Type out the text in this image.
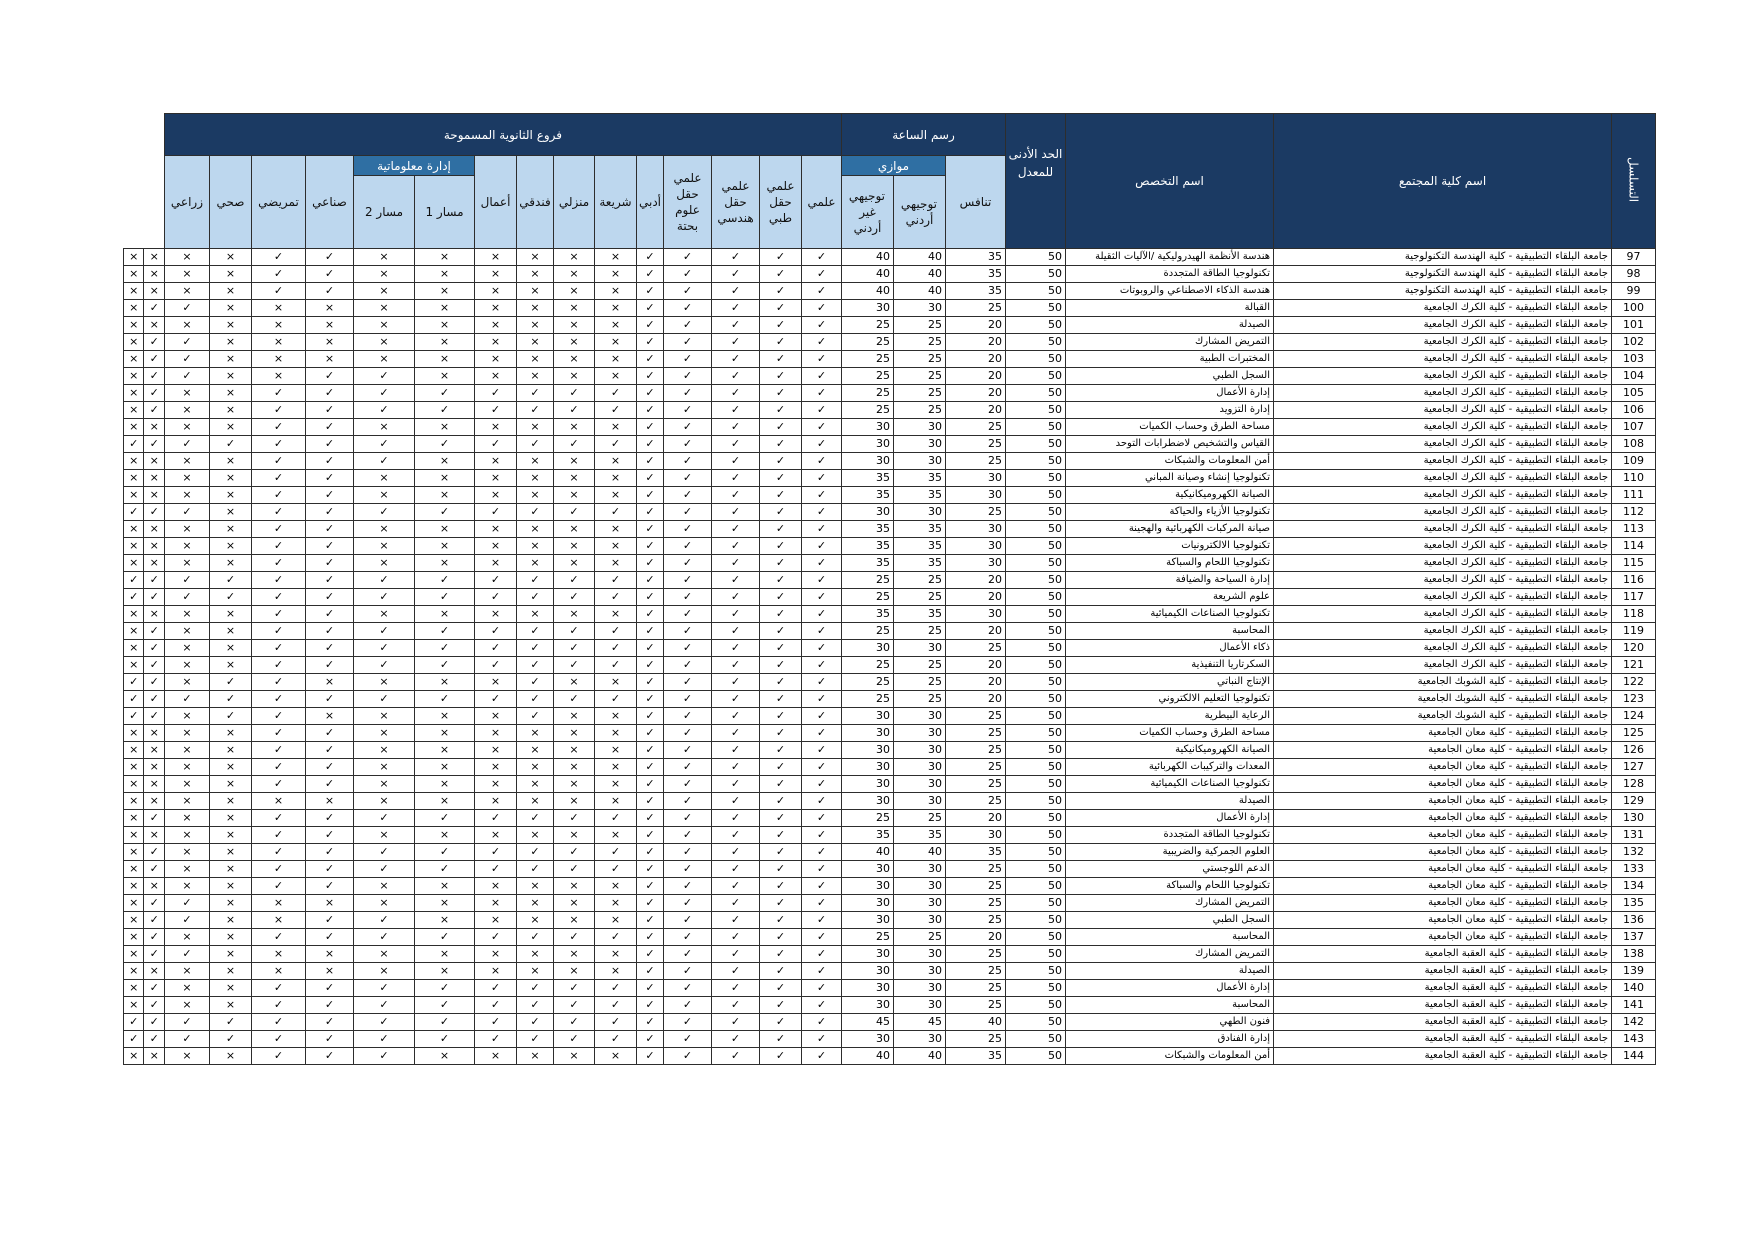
التسلسل	اسم كلية المجتمع	اسم التخصص	الحد الأدنى للمعدل	رسم الساعة			فروع الثانوية المسموحة																
				تنافس	موازي		علمي	علمي حقل طبي	علمي حقل هندسي	علمي حقل علوم بحتة	أدبي	شريعة	منزلي	فندقي	أعمال	إدارة معلوماتية		صناعي	تمريضي	صحي	زراعي		
					توجيهي أردني	توجيهي غير أردني										مسار 1	مسار 2						
97	جامعة البلقاء التطبيقية - كلية الهندسة التكنولوجية	هندسة الأنظمة الهيدروليكية /الآليات الثقيلة	50	35	40	40	✓	✓	✓	✓	✓	×	×	×	×	×	×	✓	✓	×	×	×	×
98	جامعة البلقاء التطبيقية - كلية الهندسة التكنولوجية	تكنولوجيا الطاقة المتجددة	50	35	40	40	✓	✓	✓	✓	✓	×	×	×	×	×	×	✓	✓	×	×	×	×
99	جامعة البلقاء التطبيقية - كلية الهندسة التكنولوجية	هندسة الذكاء الاصطناعي والروبوتات	50	35	40	40	✓	✓	✓	✓	✓	×	×	×	×	×	×	✓	✓	×	×	×	×
100	جامعة البلقاء التطبيقية - كلية الكرك الجامعية	القبالة	50	25	30	30	✓	✓	✓	✓	✓	×	×	×	×	×	×	×	×	×	✓	✓	×
101	جامعة البلقاء التطبيقية - كلية الكرك الجامعية	الصيدلة	50	20	25	25	✓	✓	✓	✓	✓	×	×	×	×	×	×	×	×	×	×	×	×
102	جامعة البلقاء التطبيقية - كلية الكرك الجامعية	التمريض المشارك	50	20	25	25	✓	✓	✓	✓	✓	×	×	×	×	×	×	×	×	×	✓	✓	×
103	جامعة البلقاء التطبيقية - كلية الكرك الجامعية	المختبرات الطبية	50	20	25	25	✓	✓	✓	✓	✓	×	×	×	×	×	×	×	×	×	✓	✓	×
104	جامعة البلقاء التطبيقية - كلية الكرك الجامعية	السجل الطبي	50	20	25	25	✓	✓	✓	✓	✓	×	×	×	×	×	✓	✓	×	×	✓	✓	×
105	جامعة البلقاء التطبيقية - كلية الكرك الجامعية	إدارة الأعمال	50	20	25	25	✓	✓	✓	✓	✓	✓	✓	✓	✓	✓	✓	✓	✓	×	×	✓	×
106	جامعة البلقاء التطبيقية - كلية الكرك الجامعية	إدارة التزويد	50	20	25	25	✓	✓	✓	✓	✓	✓	✓	✓	✓	✓	✓	✓	✓	×	×	✓	×
107	جامعة البلقاء التطبيقية - كلية الكرك الجامعية	مساحة الطرق وحساب الكميات	50	25	30	30	✓	✓	✓	✓	✓	×	×	×	×	×	×	✓	✓	×	×	×	×
108	جامعة البلقاء التطبيقية - كلية الكرك الجامعية	القياس والتشخيص لاضطرابات التوحد	50	25	30	30	✓	✓	✓	✓	✓	✓	✓	✓	✓	✓	✓	✓	✓	✓	✓	✓	✓
109	جامعة البلقاء التطبيقية - كلية الكرك الجامعية	أمن المعلومات والشبكات	50	25	30	30	✓	✓	✓	✓	✓	×	×	×	×	×	✓	✓	✓	×	×	×	×
110	جامعة البلقاء التطبيقية - كلية الكرك الجامعية	تكنولوجيا إنشاء وصيانة المباني	50	30	35	35	✓	✓	✓	✓	✓	×	×	×	×	×	×	✓	✓	×	×	×	×
111	جامعة البلقاء التطبيقية - كلية الكرك الجامعية	الصيانة الكهروميكانيكية	50	30	35	35	✓	✓	✓	✓	✓	×	×	×	×	×	×	✓	✓	×	×	×	×
112	جامعة البلقاء التطبيقية - كلية الكرك الجامعية	تكنولوجيا الأزياء والحياكة	50	25	30	30	✓	✓	✓	✓	✓	✓	✓	✓	✓	✓	✓	✓	✓	×	✓	✓	✓
113	جامعة البلقاء التطبيقية - كلية الكرك الجامعية	صيانة المركبات الكهربائية والهجينة	50	30	35	35	✓	✓	✓	✓	✓	×	×	×	×	×	×	✓	✓	×	×	×	×
114	جامعة البلقاء التطبيقية - كلية الكرك الجامعية	تكنولوجيا الالكترونيات	50	30	35	35	✓	✓	✓	✓	✓	×	×	×	×	×	×	✓	✓	×	×	×	×
115	جامعة البلقاء التطبيقية - كلية الكرك الجامعية	تكنولوجيا اللحام والسباكة	50	30	35	35	✓	✓	✓	✓	✓	×	×	×	×	×	×	✓	✓	×	×	×	×
116	جامعة البلقاء التطبيقية - كلية الكرك الجامعية	إدارة السياحة والضيافة	50	20	25	25	✓	✓	✓	✓	✓	✓	✓	✓	✓	✓	✓	✓	✓	✓	✓	✓	✓
117	جامعة البلقاء التطبيقية - كلية الكرك الجامعية	علوم الشريعة	50	20	25	25	✓	✓	✓	✓	✓	✓	✓	✓	✓	✓	✓	✓	✓	✓	✓	✓	✓
118	جامعة البلقاء التطبيقية - كلية الكرك الجامعية	تكنولوجيا الصناعات الكيميائية	50	30	35	35	✓	✓	✓	✓	✓	×	×	×	×	×	×	✓	✓	×	×	×	×
119	جامعة البلقاء التطبيقية - كلية الكرك الجامعية	المحاسبة	50	20	25	25	✓	✓	✓	✓	✓	✓	✓	✓	✓	✓	✓	✓	✓	×	×	✓	×
120	جامعة البلقاء التطبيقية - كلية الكرك الجامعية	ذكاء الأعمال	50	25	30	30	✓	✓	✓	✓	✓	✓	✓	✓	✓	✓	✓	✓	✓	×	×	✓	×
121	جامعة البلقاء التطبيقية - كلية الكرك الجامعية	السكرتاريا التنفيذية	50	20	25	25	✓	✓	✓	✓	✓	✓	✓	✓	✓	✓	✓	✓	✓	×	×	✓	×
122	جامعة البلقاء التطبيقية - كلية الشوبك الجامعية	الإنتاج النباتي	50	20	25	25	✓	✓	✓	✓	✓	×	×	✓	×	×	×	×	✓	✓	×	✓	✓
123	جامعة البلقاء التطبيقية - كلية الشوبك الجامعية	تكنولوجيا التعليم الالكتروني	50	20	25	25	✓	✓	✓	✓	✓	✓	✓	✓	✓	✓	✓	✓	✓	✓	✓	✓	✓
124	جامعة البلقاء التطبيقية - كلية الشوبك الجامعية	الرعاية البيطرية	50	25	30	30	✓	✓	✓	✓	✓	×	×	✓	×	×	×	×	✓	✓	×	✓	✓
125	جامعة البلقاء التطبيقية - كلية معان الجامعية	مساحة الطرق وحساب الكميات	50	25	30	30	✓	✓	✓	✓	✓	×	×	×	×	×	×	✓	✓	×	×	×	×
126	جامعة البلقاء التطبيقية - كلية معان الجامعية	الصيانة الكهروميكانيكية	50	25	30	30	✓	✓	✓	✓	✓	×	×	×	×	×	×	✓	✓	×	×	×	×
127	جامعة البلقاء التطبيقية - كلية معان الجامعية	المعدات والتركيبات الكهربائية	50	25	30	30	✓	✓	✓	✓	✓	×	×	×	×	×	×	✓	✓	×	×	×	×
128	جامعة البلقاء التطبيقية - كلية معان الجامعية	تكنولوجيا الصناعات الكيميائية	50	25	30	30	✓	✓	✓	✓	✓	×	×	×	×	×	×	✓	✓	×	×	×	×
129	جامعة البلقاء التطبيقية - كلية معان الجامعية	الصيدلة	50	25	30	30	✓	✓	✓	✓	✓	×	×	×	×	×	×	×	×	×	×	×	×
130	جامعة البلقاء التطبيقية - كلية معان الجامعية	إدارة الأعمال	50	20	25	25	✓	✓	✓	✓	✓	✓	✓	✓	✓	✓	✓	✓	✓	×	×	✓	×
131	جامعة البلقاء التطبيقية - كلية معان الجامعية	تكنولوجيا الطاقة المتجددة	50	30	35	35	✓	✓	✓	✓	✓	×	×	×	×	×	×	✓	✓	×	×	×	×
132	جامعة البلقاء التطبيقية - كلية معان الجامعية	العلوم الجمركية والضريبية	50	35	40	40	✓	✓	✓	✓	✓	✓	✓	✓	✓	✓	✓	✓	✓	×	×	✓	×
133	جامعة البلقاء التطبيقية - كلية معان الجامعية	الدعم اللوجستي	50	25	30	30	✓	✓	✓	✓	✓	✓	✓	✓	✓	✓	✓	✓	✓	×	×	✓	×
134	جامعة البلقاء التطبيقية - كلية معان الجامعية	تكنولوجيا اللحام والسباكة	50	25	30	30	✓	✓	✓	✓	✓	×	×	×	×	×	×	✓	✓	×	×	×	×
135	جامعة البلقاء التطبيقية - كلية معان الجامعية	التمريض المشارك	50	25	30	30	✓	✓	✓	✓	✓	×	×	×	×	×	×	×	×	×	✓	✓	×
136	جامعة البلقاء التطبيقية - كلية معان الجامعية	السجل الطبي	50	25	30	30	✓	✓	✓	✓	✓	×	×	×	×	×	✓	✓	×	×	✓	✓	×
137	جامعة البلقاء التطبيقية - كلية معان الجامعية	المحاسبة	50	20	25	25	✓	✓	✓	✓	✓	✓	✓	✓	✓	✓	✓	✓	✓	×	×	✓	×
138	جامعة البلقاء التطبيقية - كلية العقبة الجامعية	التمريض المشارك	50	25	30	30	✓	✓	✓	✓	✓	×	×	×	×	×	×	×	×	×	✓	✓	×
139	جامعة البلقاء التطبيقية - كلية العقبة الجامعية	الصيدلة	50	25	30	30	✓	✓	✓	✓	✓	×	×	×	×	×	×	×	×	×	×	×	×
140	جامعة البلقاء التطبيقية - كلية العقبة الجامعية	إدارة الأعمال	50	25	30	30	✓	✓	✓	✓	✓	✓	✓	✓	✓	✓	✓	✓	✓	×	×	✓	×
141	جامعة البلقاء التطبيقية - كلية العقبة الجامعية	المحاسبة	50	25	30	30	✓	✓	✓	✓	✓	✓	✓	✓	✓	✓	✓	✓	✓	×	×	✓	×
142	جامعة البلقاء التطبيقية - كلية العقبة الجامعية	فنون الطهي	50	40	45	45	✓	✓	✓	✓	✓	✓	✓	✓	✓	✓	✓	✓	✓	✓	✓	✓	✓
143	جامعة البلقاء التطبيقية - كلية العقبة الجامعية	إدارة الفنادق	50	25	30	30	✓	✓	✓	✓	✓	✓	✓	✓	✓	✓	✓	✓	✓	✓	✓	✓	✓
144	جامعة البلقاء التطبيقية - كلية العقبة الجامعية	أمن المعلومات والشبكات	50	35	40	40	✓	✓	✓	✓	✓	×	×	×	×	×	✓	✓	✓	×	×	×	×
